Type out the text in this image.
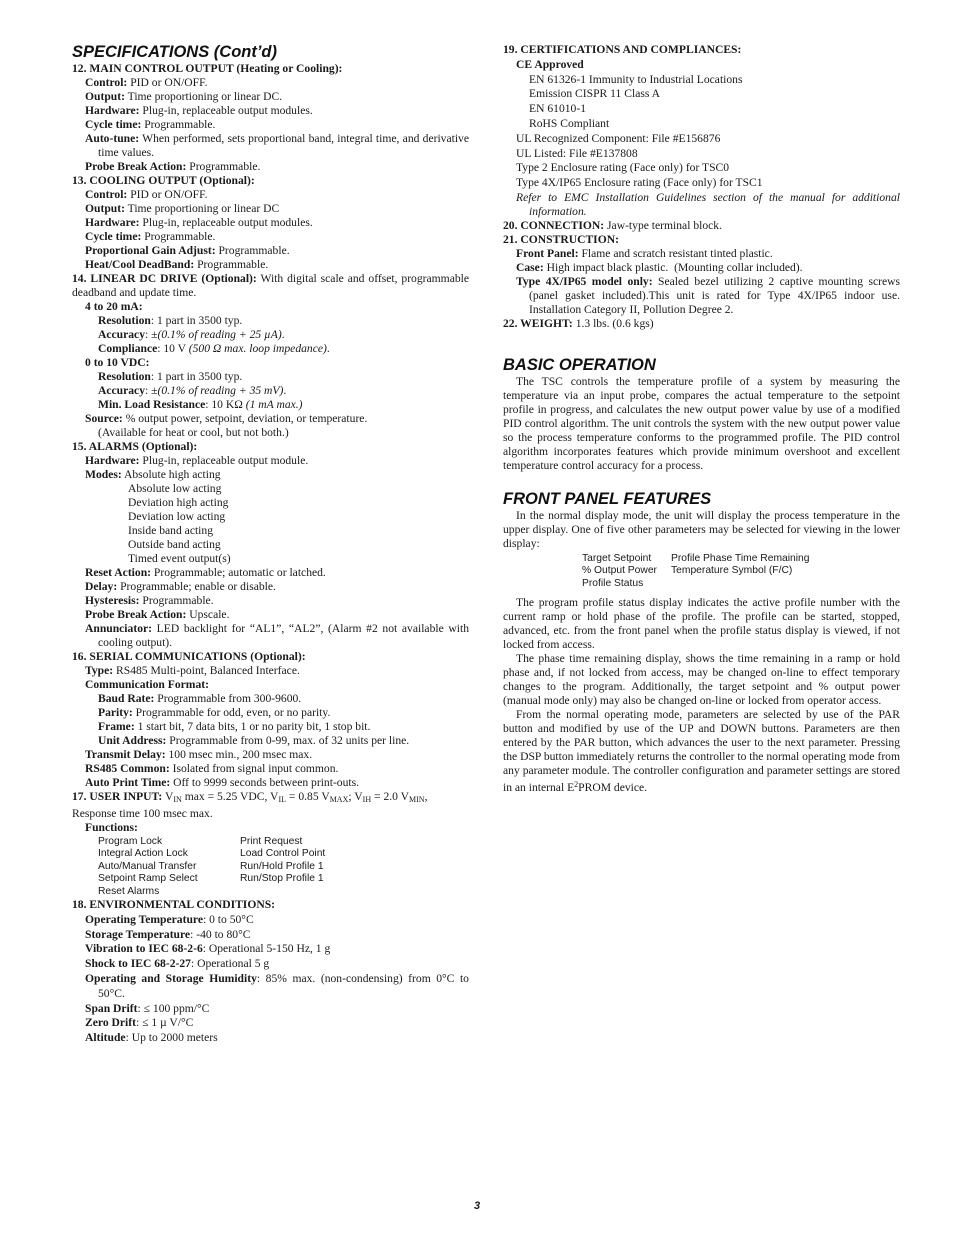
SPECIFICATIONS (Cont’d)
12. MAIN CONTROL OUTPUT (Heating or Cooling):
Control: PID or ON/OFF.
Output: Time proportioning or linear DC.
Hardware: Plug-in, replaceable output modules.
Cycle time: Programmable.
Auto-tune: When performed, sets proportional band, integral time, and derivative time values.
Probe Break Action: Programmable.
13. COOLING OUTPUT (Optional):
Control: PID or ON/OFF.
Output: Time proportioning or linear DC
Hardware: Plug-in, replaceable output modules.
Cycle time: Programmable.
Proportional Gain Adjust: Programmable.
Heat/Cool DeadBand: Programmable.
14. LINEAR DC DRIVE (Optional): With digital scale and offset, programmable deadband and update time.
4 to 20 mA:
Resolution: 1 part in 3500 typ.
Accuracy: ±(0.1% of reading + 25 µA).
Compliance: 10 V (500 Ω max. loop impedance).
0 to 10 VDC:
Resolution: 1 part in 3500 typ.
Accuracy: ±(0.1% of reading + 35 mV).
Min. Load Resistance: 10 KΩ (1 mA max.)
Source: % output power, setpoint, deviation, or temperature.
(Available for heat or cool, but not both.)
15. ALARMS (Optional):
Hardware: Plug-in, replaceable output module.
Modes: Absolute high acting
Absolute low acting
Deviation high acting
Deviation low acting
Inside band acting
Outside band acting
Timed event output(s)
Reset Action: Programmable; automatic or latched.
Delay: Programmable; enable or disable.
Hysteresis: Programmable.
Probe Break Action: Upscale.
Annunciator: LED backlight for “AL1”, “AL2”, (Alarm #2 not available with cooling output).
16. SERIAL COMMUNICATIONS (Optional):
Type: RS485 Multi-point, Balanced Interface.
Communication Format:
Baud Rate: Programmable from 300-9600.
Parity: Programmable for odd, even, or no parity.
Frame: 1 start bit, 7 data bits, 1 or no parity bit, 1 stop bit.
Unit Address: Programmable from 0-99, max. of 32 units per line.
Transmit Delay: 100 msec min., 200 msec max.
RS485 Common: Isolated from signal input common.
Auto Print Time: Off to 9999 seconds between print-outs.
17. USER INPUT: $V_{IN}$ max = 5.25 VDC, $V_{IL} = 0.85$ $V_{MAX}$; $V_{IH} = 2.0$ $V_{MIN}$,
Response time 100 msec max.
Functions:
Program Lock	Print Request
Integral Action Lock	Load Control Point
Auto/Manual Transfer	Run/Hold Profile 1
Setpoint Ramp Select	Run/Stop Profile 1
Reset Alarms
18. ENVIRONMENTAL CONDITIONS:
Operating Temperature: 0 to 50°C
Storage Temperature: -40 to 80°C
Vibration to IEC 68-2-6: Operational 5-150 Hz, 1 g
Shock to IEC 68-2-27: Operational 5 g
Operating and Storage Humidity: 85% max. (non-condensing) from 0°C to 50°C.
Span Drift: ≤ 100 ppm/°C
Zero Drift: ≤ 1 µ V/°C
Altitude: Up to 2000 meters
19. CERTIFICATIONS AND COMPLIANCES:
CE Approved
EN 61326-1 Immunity to Industrial Locations
Emission CISPR 11 Class A
EN 61010-1
RoHS Compliant
UL Recognized Component: File #E156876
UL Listed: File #E137808
Type 2 Enclosure rating (Face only) for TSC0
Type 4X/IP65 Enclosure rating (Face only) for TSC1
Refer to EMC Installation Guidelines section of the manual for additional information.
20. CONNECTION: Jaw-type terminal block.
21. CONSTRUCTION:
Front Panel: Flame and scratch resistant tinted plastic.
Case: High impact black plastic.  (Mounting collar included).
Type 4X/IP65 model only: Sealed bezel utilizing 2 captive mounting screws (panel gasket included).This unit is rated for Type 4X/IP65 indoor use. Installation Category II, Pollution Degree 2.
22. WEIGHT: 1.3 lbs. (0.6 kgs)
BASIC OPERATION
The TSC controls the temperature profile of a system by measuring the temperature via an input probe, compares the actual temperature to the setpoint profile in progress, and calculates the new output power value by use of a modified PID control algorithm. The unit controls the system with the new output power value so the process temperature conforms to the programmed profile. The PID control algorithm incorporates features which provide minimum overshoot and excellent temperature control accuracy for a process.
FRONT PANEL FEATURES
In the normal display mode, the unit will display the process temperature in the upper display. One of five other parameters may be selected for viewing in the lower display:
Target Setpoint	Profile Phase Time Remaining
% Output Power	Temperature Symbol (F/C)
Profile Status
The program profile status display indicates the active profile number with the current ramp or hold phase of the profile. The profile can be started, stopped, advanced, etc. from the front panel when the profile status display is viewed, if not locked from access.
The phase time remaining display, shows the time remaining in a ramp or hold phase and, if not locked from access, may be changed on-line to effect temporary changes to the program. Additionally, the target setpoint and % output power (manual mode only) may also be changed on-line or locked from operator access.
From the normal operating mode, parameters are selected by use of the PAR button and modified by use of the UP and DOWN buttons. Parameters are then entered by the PAR button, which advances the user to the next parameter. Pressing the DSP button immediately returns the controller to the normal operating mode from any parameter module. The controller configuration and parameter settings are stored in an internal $E^2PROM$ device.
3
